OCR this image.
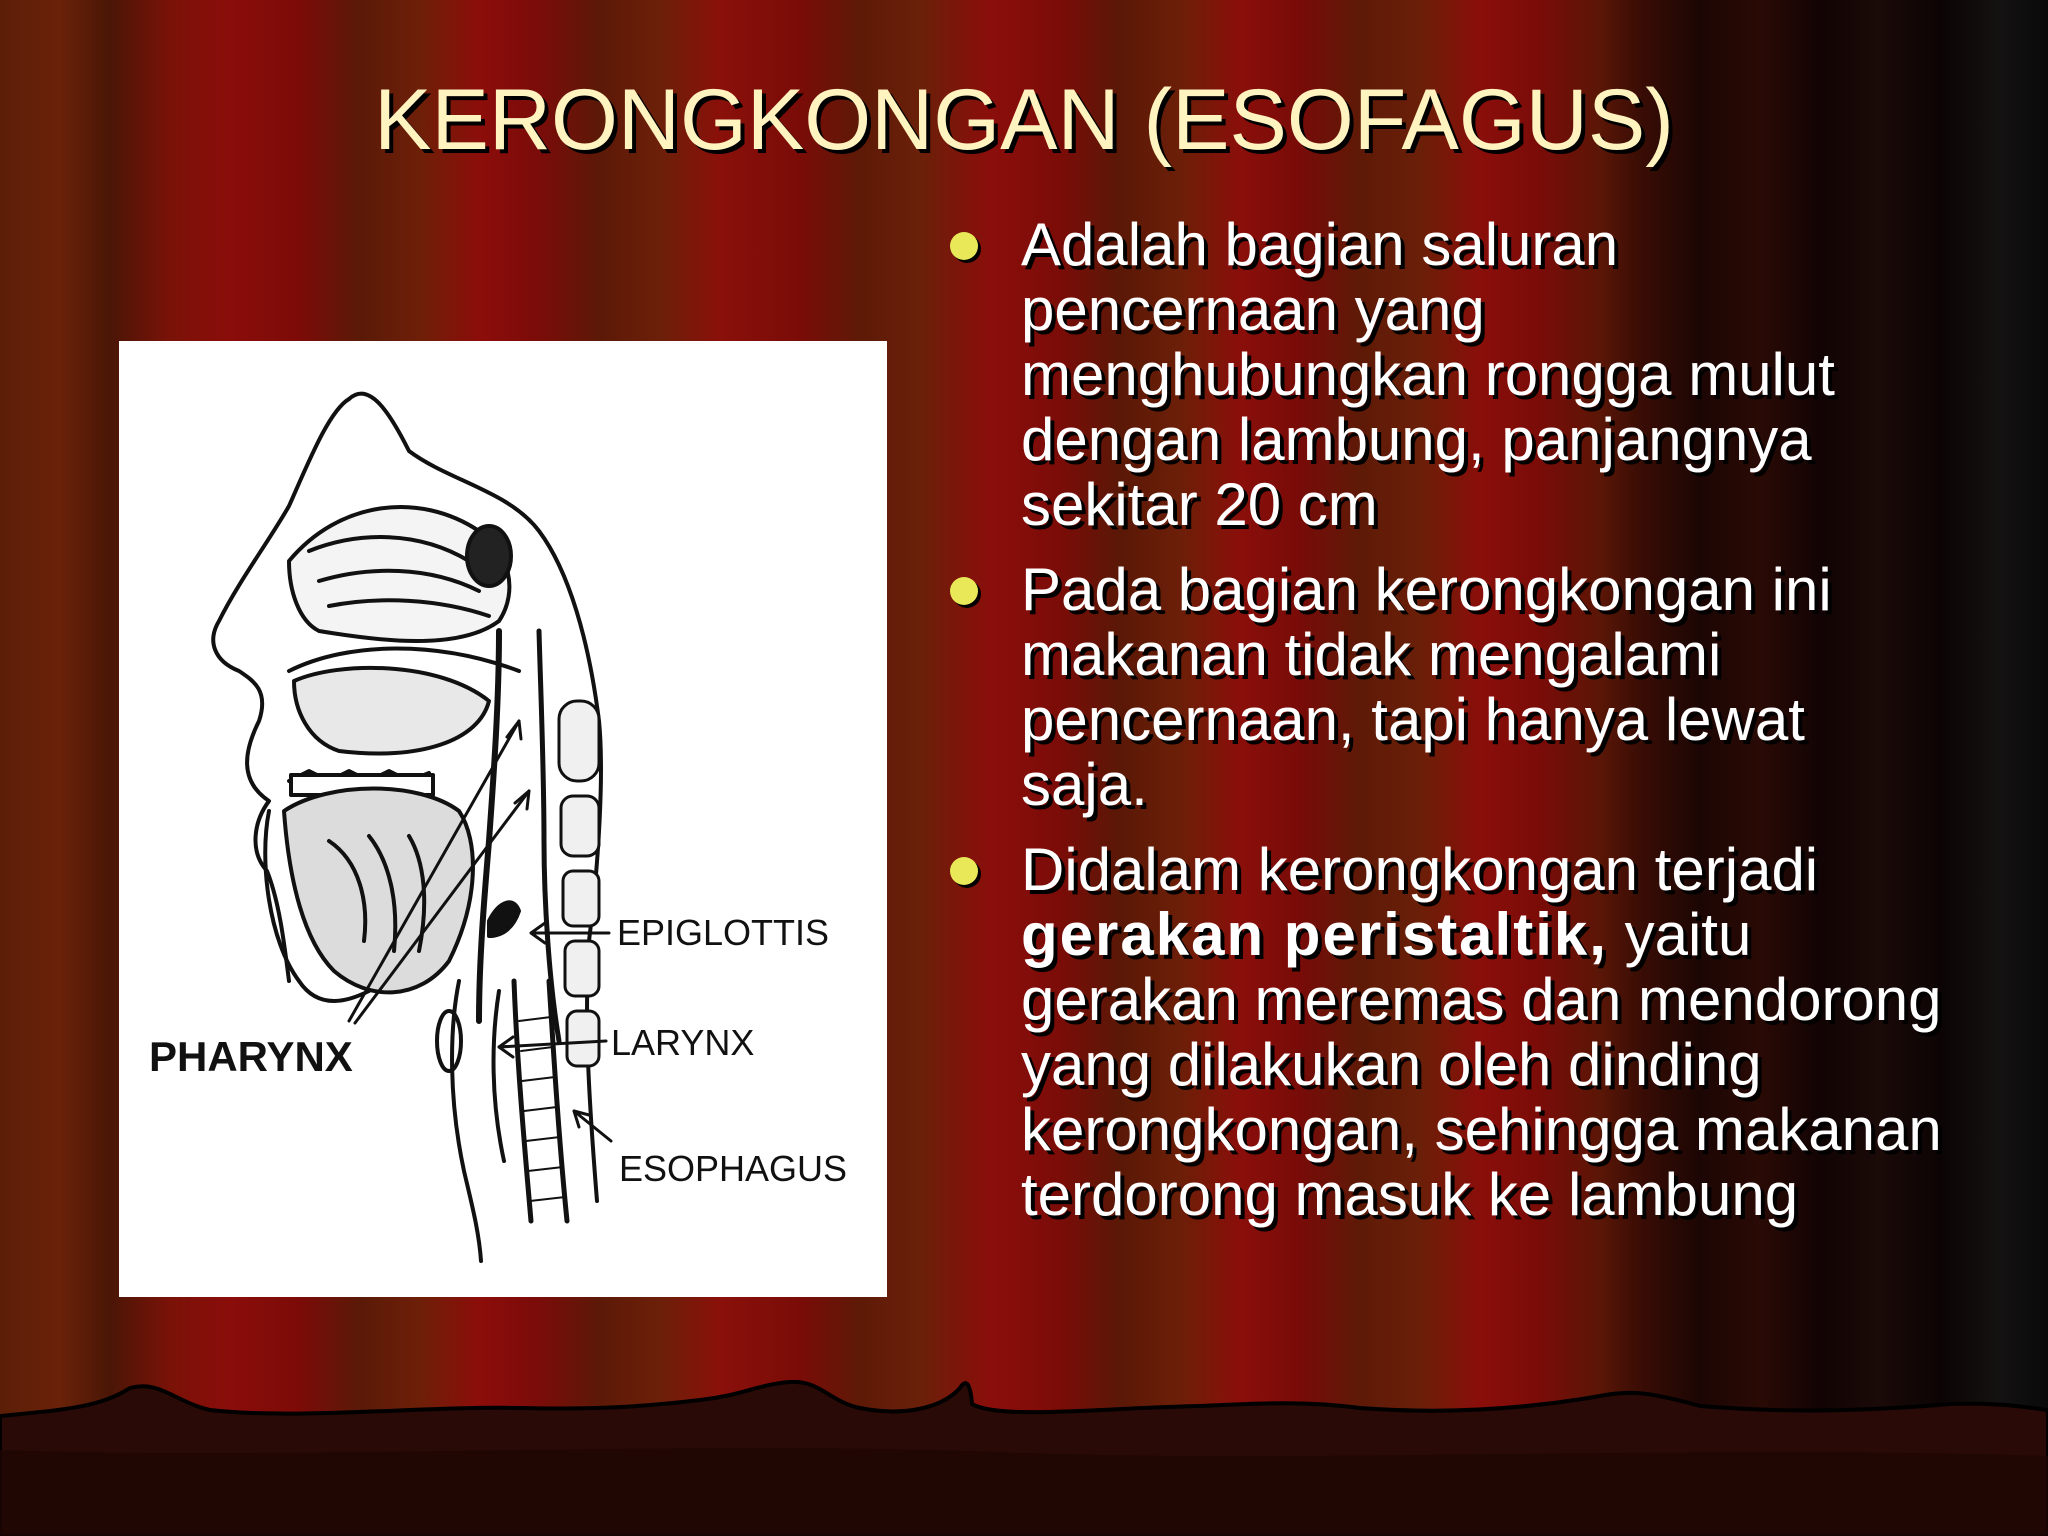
KERONGKONGAN (ESOFAGUS)
EPIGLOTTIS
LARYNX
ESOPHAGUS
PHARYNX
Adalah bagian saluran pencernaan yang menghubungkan rongga mulut dengan lambung, panjangnya sekitar 20 cm
Pada bagian kerongkongan ini makanan tidak mengalami pencernaan, tapi hanya lewat saja.
Didalam kerongkongan terjadi gerakan peristaltik, yaitu gerakan meremas dan mendorong yang dilakukan oleh dinding kerongkongan, sehingga makanan terdorong masuk ke lambung
